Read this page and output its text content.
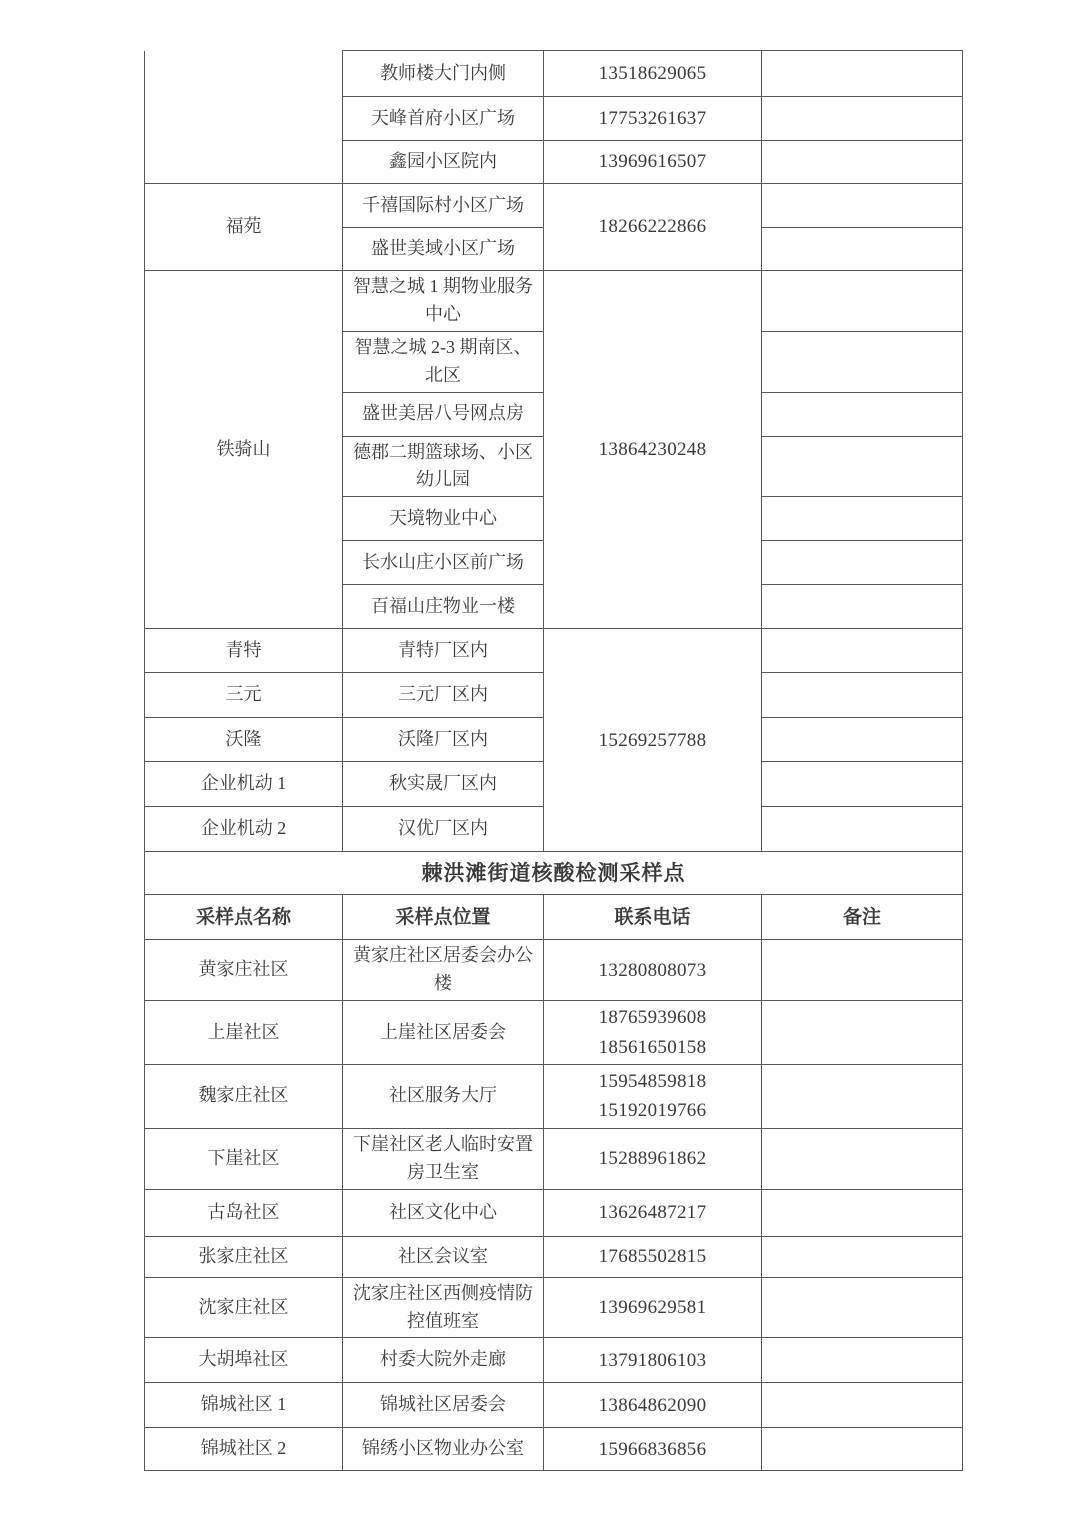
	教师楼大门内侧	13518629065	
	天峰首府小区广场	17753261637	
	鑫园小区院内	13969616507	
福苑	千禧国际村小区广场	18266222866	
	盛世美域小区广场		
铁骑山	智慧之城 1 期物业服务中心	13864230248	
	智慧之城 2-3 期南区、北区		
	盛世美居八号网点房		
	德郡二期篮球场、小区幼儿园		
	天境物业中心		
	长水山庄小区前广场		
	百福山庄物业一楼		
青特	青特厂区内	15269257788	
三元	三元厂区内		
沃隆	沃隆厂区内		
企业机动 1	秋实晟厂区内		
企业机动 2	汉优厂区内		
棘洪滩街道核酸检测采样点			
采样点名称	采样点位置	联系电话	备注
黄家庄社区	黄家庄社区居委会办公楼	13280808073	

上崖社区	上崖社区居委会	18765939608
18561650158	

魏家庄社区	社区服务大厅	15954859818
15192019766	

下崖社区	下崖社区老人临时安置房卫生室	15288961862	

古岛社区	社区文化中心	13626487217	

张家庄社区	社区会议室	17685502815	

沈家庄社区	沈家庄社区西侧疫情防控值班室	13969629581	

大胡埠社区	村委大院外走廊	13791806103	

锦城社区 1	锦城社区居委会	13864862090	

锦城社区 2	锦绣小区物业办公室	15966836856	
